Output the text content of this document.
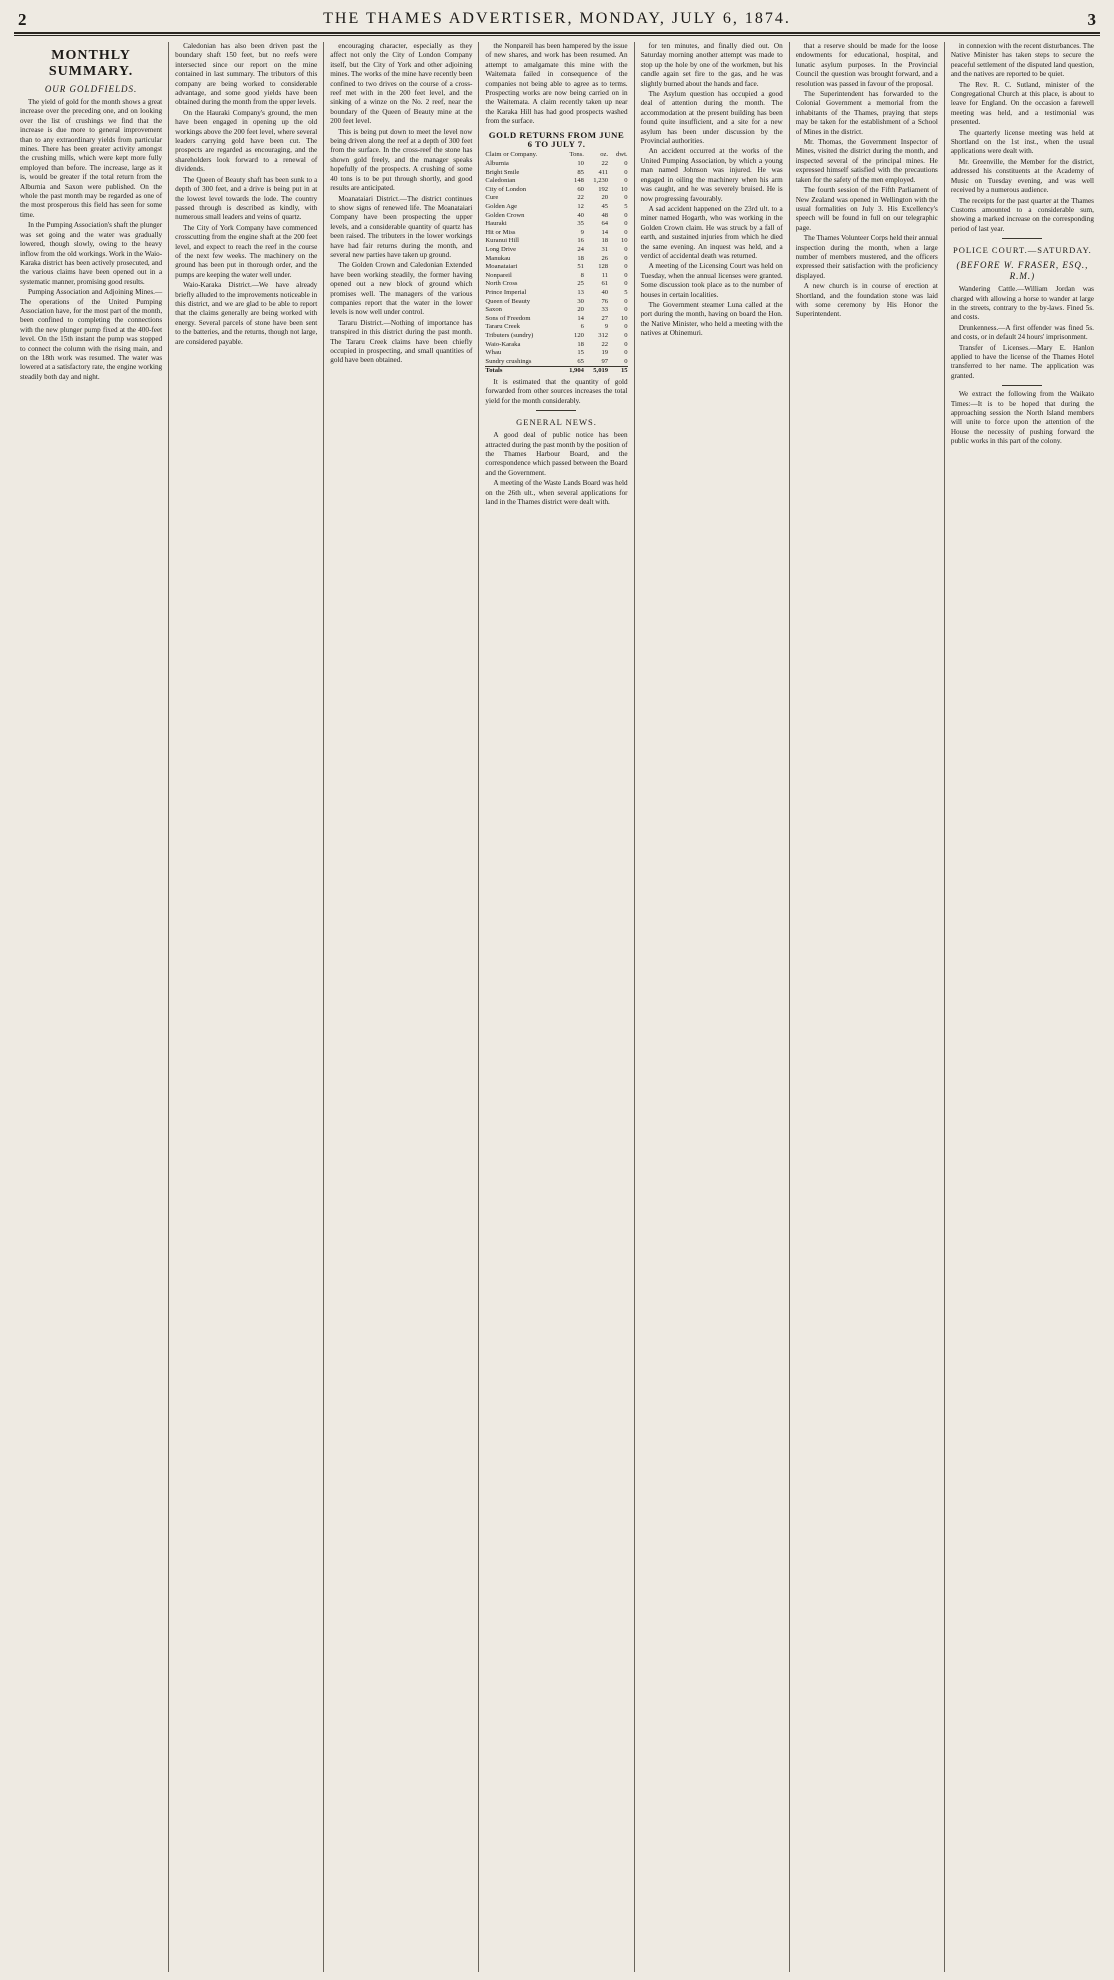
2	THE THAMES ADVERTISER, MONDAY, JULY 6, 1874.	3
MONTHLY SUMMARY.
OUR GOLDFIELDS.

The yield of gold for the month shows a great increase over the preceding one, and on looking over the list of crushings we find that the increase is due more to general improvement than to any extraordinary yields from particular mines. There has been greater activity amongst the crushing mills, which were kept more fully employed than before. The increase, large as it is, would be greater if the total return from the Alburnia and Saxon were published. On the whole the past month may be regarded as one of the most prosperous this field has seen for some time.

In the Pumping Association's shaft the plunger was set going and the water was gradually lowered, though slowly, owing to the heavy inflow from the old workings. Work in the Waio-Karaka district has been actively prosecuted, and the various claims have been opened out in a systematic manner, promising good results.

Pumping Association and Adjoining Mines.—The operations of the United Pumping Association have, for the most part of the month, been confined to completing the connections with the new plunger pump fixed at the 400-feet level. On the 15th instant the pump was stopped to connect the column with the rising main, and on the 18th work was resumed. The water was lowered at a satisfactory rate, the engine working steadily both day and night.

Caledonian has also been driven past the boundary shaft 150 feet, but no reefs were intersected since our report on the mine contained in last summary. The tributors of this company are being worked to considerable advantage, and some good yields have been obtained during the month from the upper levels.

On the Hauraki Company's ground, the men have been engaged in opening up the old workings above the 200 feet level, where several leaders carrying gold have been cut. The prospects are regarded as encouraging, and the shareholders look forward to a renewal of dividends.

The Queen of Beauty shaft has been sunk to a depth of 300 feet, and a drive is being put in at the lowest level towards the lode. The country passed through is described as kindly, with numerous small leaders and veins of quartz.

The City of York Company have commenced crosscutting from the engine shaft at the 200 feet level, and expect to reach the reef in the course of the next few weeks. The machinery on the ground has been put in thorough order, and the pumps are keeping the water well under.

Waio-Karaka District.—We have already briefly alluded to the improvements noticeable in this district, and we are glad to be able to report that the claims generally are being worked with energy. Several parcels of stone have been sent to the batteries, and the returns, though not large, are considered payable.

encouraging character, especially as they affect not only the City of London Company itself, but the City of York and other adjoining mines. The works of the mine have recently been confined to two drives on the course of a cross-reef met with in the 200 feet level, and the sinking of a winze on the No. 2 reef, near the boundary of the Queen of Beauty mine at the 200 feet level.

This is being put down to meet the level now being driven along the reef at a depth of 300 feet from the surface. In the cross-reef the stone has shown gold freely, and the manager speaks hopefully of the prospects. A crushing of some 40 tons is to be put through shortly, and good results are anticipated.

Moanataiari District.—The district continues to show signs of renewed life. The Moanataiari Company have been prospecting the upper levels, and a considerable quantity of quartz has been raised. The tributers in the lower workings have had fair returns during the month, and several new parties have taken up ground.

The Golden Crown and Caledonian Extended have been working steadily, the former having opened out a new block of ground which promises well. The managers of the various companies report that the water in the lower levels is now well under control.

Tararu District.—Nothing of importance has transpired in this district during the past month. The Tararu Creek claims have been chiefly occupied in prospecting, and small quantities of gold have been obtained.

the Nonpareil has been hampered by the issue of new shares, and work has been resumed. An attempt to amalgamate this mine with the Waitemata failed in consequence of the companies not being able to agree as to terms. Prospecting works are now being carried on in the Waitemata. A claim recently taken up near the Karaka Hill has had good prospects washed from the surface.

GOLD RETURNS FROM JUNE 6 TO JULY 7.
Claim or Company.	Tons.	oz.	dwt.
Alburnia	10	22	0
Bright Smile	85	411	0
Caledonian	148	1,230	0
City of London	60	192	10
Cure	22	20	0
Golden Age	12	45	5
Golden Crown	40	48	0
Hauraki	35	64	0
Hit or Miss	9	14	0
Kuranui Hill	16	18	10
Long Drive	24	31	0
Manukau	18	26	0
Moanataiari	51	128	0
Nonpareil	8	11	0
North Cross	25	61	0
Prince Imperial	13	40	5
Queen of Beauty	30	76	0
Saxon	20	33	0
Sons of Freedom	14	27	10
Tararu Creek	6	9	0
Tributers (sundry)	120	312	0
Waio-Karaka	18	22	0
Whau	15	19	0
Sundry crushings	65	97	0
Totals	1,904	5,019	15

It is estimated that the quantity of gold forwarded from other sources increases the total yield for the month considerably.

GENERAL NEWS.

A good deal of public notice has been attracted during the past month by the position of the Thames Harbour Board, and the correspondence which passed between the Board and the Government.

A meeting of the Waste Lands Board was held on the 26th ult., when several applications for land in the Thames district were dealt with.

for ten minutes, and finally died out. On Saturday morning another attempt was made to stop up the hole by one of the workmen, but his candle again set fire to the gas, and he was slightly burned about the hands and face.

The Asylum question has occupied a good deal of attention during the month. The accommodation at the present building has been found quite insufficient, and a site for a new asylum has been under discussion by the Provincial authorities.

An accident occurred at the works of the United Pumping Association, by which a young man named Johnson was injured. He was engaged in oiling the machinery when his arm was caught, and he was severely bruised. He is now progressing favourably.

A sad accident happened on the 23rd ult. to a miner named Hogarth, who was working in the Golden Crown claim. He was struck by a fall of earth, and sustained injuries from which he died the same evening. An inquest was held, and a verdict of accidental death was returned.

A meeting of the Licensing Court was held on Tuesday, when the annual licenses were granted. Some discussion took place as to the number of houses in certain localities.

The Government steamer Luna called at the port during the month, having on board the Hon. the Native Minister, who held a meeting with the natives at Ohinemuri.

that a reserve should be made for the loose endowments for educational, hospital, and lunatic asylum purposes. In the Provincial Council the question was brought forward, and a resolution was passed in favour of the proposal.

The Superintendent has forwarded to the Colonial Government a memorial from the inhabitants of the Thames, praying that steps may be taken for the establishment of a School of Mines in the district.

Mr. Thomas, the Government Inspector of Mines, visited the district during the month, and inspected several of the principal mines. He expressed himself satisfied with the precautions taken for the safety of the men employed.

The fourth session of the Fifth Parliament of New Zealand was opened in Wellington with the usual formalities on July 3. His Excellency's speech will be found in full on our telegraphic page.

The Thames Volunteer Corps held their annual inspection during the month, when a large number of members mustered, and the officers expressed their satisfaction with the proficiency displayed.

A new church is in course of erection at Shortland, and the foundation stone was laid with some ceremony by His Honor the Superintendent.

in connexion with the recent disturbances. The Native Minister has taken steps to secure the peaceful settlement of the disputed land question, and the natives are reported to be quiet.

The Rev. R. C. Sutland, minister of the Congregational Church at this place, is about to leave for England. On the occasion a farewell meeting was held, and a testimonial was presented.

The quarterly license meeting was held at Shortland on the 1st inst., when the usual applications were dealt with.

Mr. Greenville, the Member for the district, addressed his constituents at the Academy of Music on Tuesday evening, and was well received by a numerous audience.

The receipts for the past quarter at the Thames Customs amounted to a considerable sum, showing a marked increase on the corresponding period of last year.

POLICE COURT.—SATURDAY.
(BEFORE W. FRASER, ESQ., R.M.)

Wandering Cattle.—William Jordan was charged with allowing a horse to wander at large in the streets, contrary to the by-laws. Fined 5s. and costs.

Drunkenness.—A first offender was fined 5s. and costs, or in default 24 hours' imprisonment.

Transfer of Licenses.—Mary E. Hanlon applied to have the license of the Thames Hotel transferred to her name. The application was granted.

We extract the following from the Waikato Times:—It is to be hoped that during the approaching session the North Island members will unite to force upon the attention of the House the necessity of pushing forward the public works in this part of the colony.
